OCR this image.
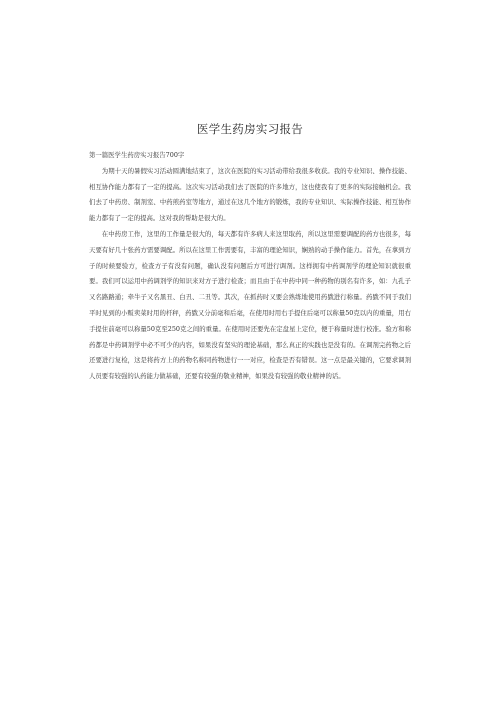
医学生药房实习报告

第一篇医学生药房实习报告700字

为期十天的暑假实习活动圆满地结束了，这次在医院的实习活动带给我很多收获。我的专业知识、操作技能、相互协作能力都有了一定的提高。这次实习活动我们去了医院的许多地方，这也使我有了更多的实际接触机会。我们去了中药房、制剂室、中药煎药室等地方，通过在这几个地方的锻炼，我的专业知识、实际操作技能、相互协作能力都有了一定的提高。这对我的帮助是很大的。

在中药房工作，这里的工作量是很大的，每天都有许多病人来这里取药，所以这里需要调配的药方也很多，每天要有好几十张药方需要调配。所以在这里工作需要有，丰富的理论知识，娴熟的动手操作能力。首先，在拿到方子的时候要验方，检查方子有没有问题，确认没有问题后方可进行调剂。这样拥有中药调剂学的理论知识就很重要。我们可以运用中药调剂学的知识来对方子进行检查；而且由于在中药中同一种药物的别名有许多，如：九孔子又名路路通；牵牛子又名黑丑、白丑、二丑等。其次，在抓药时又要会熟练地使用药戥进行称量。药戥不同于我们平时见到的小贩卖菜时用的杆秤，药戥又分前毫和后毫，在使用时用右手提住后毫可以称量50克以内的重量，用右手提住前毫可以称量50克至250克之间的重量。在使用时还要先在定盘星上定位，便于称量时进行校准。验方和称药都是中药调剂学中必不可少的内容，如果没有坚实的理论基础，那么真正的实践也是没有的。在调剂完药物之后还要进行复检，这是将药方上的药物名称同药物进行一一对应，检查是否有错误。这一点是最关键的，它要求调剂人员要有较强的认药能力做基础，还要有较强的敬业精神，如果没有较强的敬业精神的话。
